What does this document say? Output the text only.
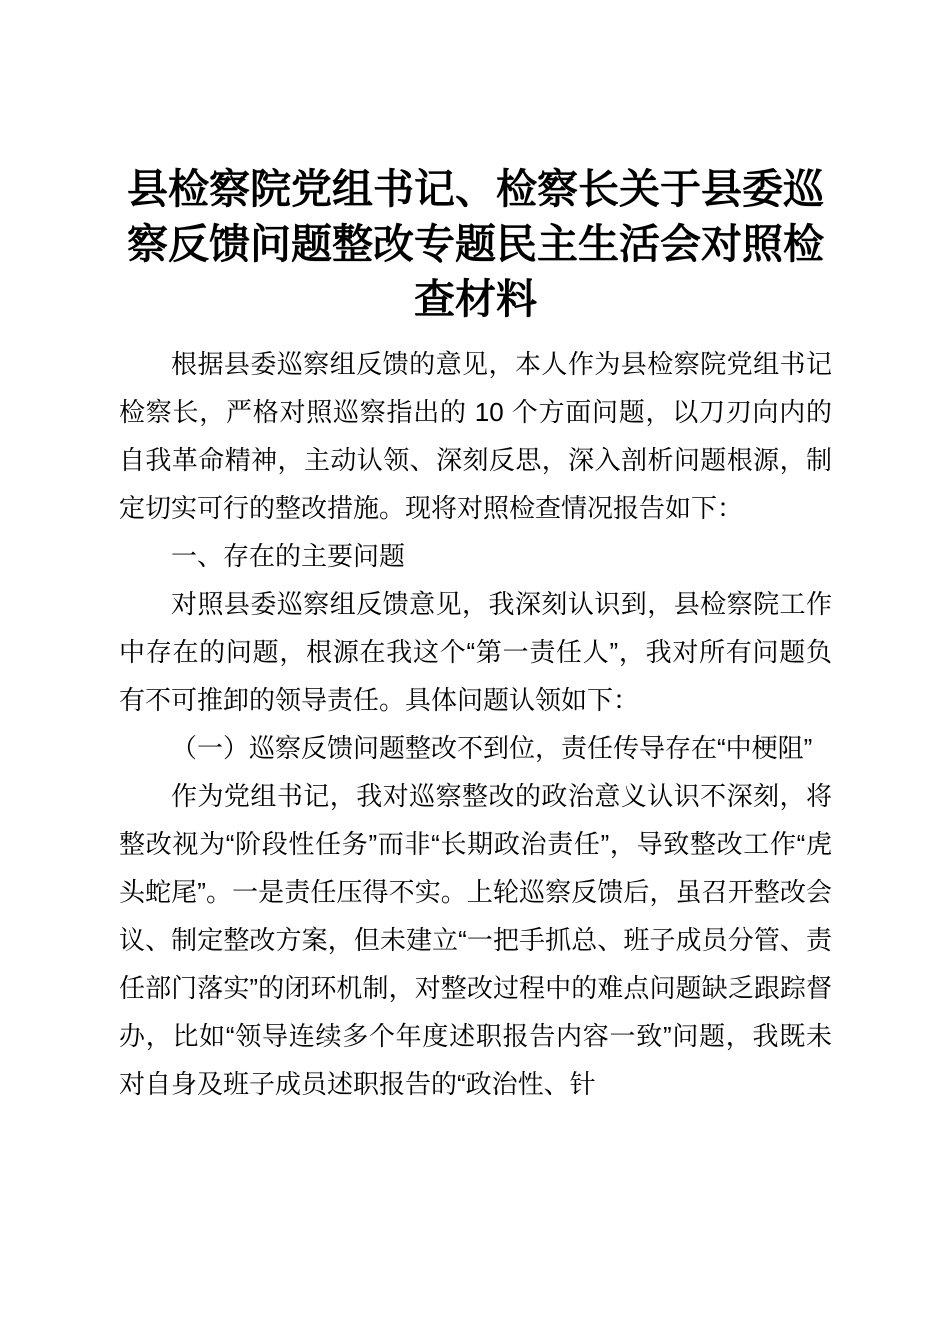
县检察院党组书记、检察长关于县委巡察反馈问题整改专题民主生活会对照检查材料

根据县委巡察组反馈的意见，本人作为县检察院党组书记检察长，严格对照巡察指出的 10 个方面问题，以刀刃向内的自我革命精神，主动认领、深刻反思，深入剖析问题根源，制定切实可行的整改措施。现将对照检查情况报告如下：

一、存在的主要问题

对照县委巡察组反馈意见，我深刻认识到，县检察院工作中存在的问题，根源在我这个“第一责任人”，我对所有问题负有不可推卸的领导责任。具体问题认领如下：

（一）巡察反馈问题整改不到位，责任传导存在“中梗阻”

作为党组书记，我对巡察整改的政治意义认识不深刻，将整改视为“阶段性任务”而非“长期政治责任”，导致整改工作“虎头蛇尾”。一是责任压得不实。上轮巡察反馈后，虽召开整改会议、制定整改方案，但未建立“一把手抓总、班子成员分管、责任部门落实”的闭环机制，对整改过程中的难点问题缺乏跟踪督办，比如“领导连续多个年度述职报告内容一致”问题，我既未对自身及班子成员述职报告的“政治性、针
